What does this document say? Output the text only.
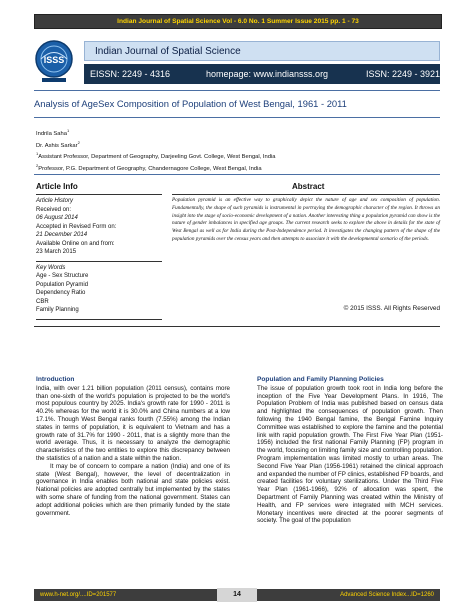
Indian Journal of Spatial Science Vol - 6.0 No. 1 Summer Issue 2015 pp. 1 - 73
ISSS
Indian Journal of Spatial Science
EISSN: 2249 - 4316	homepage: www.indiansss.org	ISSN: 2249 - 3921
Analysis of AgeSex Composition of Population of West Bengal, 1961 - 2011
Indrila Saha$^1$
Dr. Ashis Sarkar$^2$
$^1$Assistant Professor, Department of Geography, Darjeeling Govt. College, West Bengal, India
$^2$Professor, P.G. Department of Geography, Chandernagore College, West Bengal, India
Article Info	Abstract
Article History
Received on:
06 August 2014
Accepted in Revised Form on:
21 December 2014
Available Online on and from:
23 March 2015
Key Words
Age - Sex Structure
Population Pyramid
Dependency Ratio
CBR
Family Planning
Population pyramid is an effective way to graphically depict the nature of age and sex composition of population. Fundamentally, the shape of such pyramids is instrumental in portraying the demographic character of the region. It throws an insight into the stage of socio-economic development of a nation. Another interesting thing a population pyramid can show is the nature of gender imbalances in specified age groups. The current research seeks to explore the above in details for the state of West Bengal as well as for India during the Post-Independence period. It investigates the changing pattern of the shape of the population pyramids over the census years and then attempts to associate it with the developmental scenario of the periods.
© 2015 ISSS. All Rights Reserved
Introduction

India, with over 1.21 billion population (2011 census), contains more than one-sixth of the world's population is projected to be the world's most populous country by 2025. India's growth rate for 1990 - 2011 is 40.2% whereas for the world it is 30.0% and China numbers at a low 17.1%. Though West Bengal ranks fourth (7.55%) among the Indian states in terms of population, it is equivalent to Vietnam and has a growth rate of 31.7% for 1990 - 2011, that is a slightly more than the world average. Thus, it is necessary to analyze the demographic characteristics of the two entities to explore this discrepancy between the statistics of a nation and a state within the nation.

It may be of concern to compare a nation (India) and one of its state (West Bengal), however, the level of decentralization in governance in India enables both national and state policies exist. National policies are adopted centrally but implemented by the states with some share of funding from the national government. States can adopt additional policies which are then primarily funded by the state government.

Population and Family Planning Policies

The issue of population growth took root in India long before the inception of the Five Year Development Plans. In 1916, The Population Problem of India was published based on census data and highlighted the consequences of population growth. Then following the 1940 Bengal famine, the Bengal Famine Inquiry Committee was established to explore the famine and the potential link with rapid population growth. The First Five Year Plan (1951-1956) included the first national Family Planning (FP) program in the world, focusing on limiting family size and controlling population. Program implementation was limited mostly to urban areas. The Second Five Year Plan (1956-1961) retained the clinical approach and expanded the number of FP clinics, established FP boards, and created facilities for voluntary sterilizations. Under the Third Five Year Plan (1961-1966), 92% of allocation was spent, the Department of Family Planning was created within the Ministry of Health, and FP services were integrated with MCH services. Monetary incentives were directed at the poorer segments of society. The goal of the population

www.h-net.org/....ID=201577	Advanced Science Index...ID=1260
14
